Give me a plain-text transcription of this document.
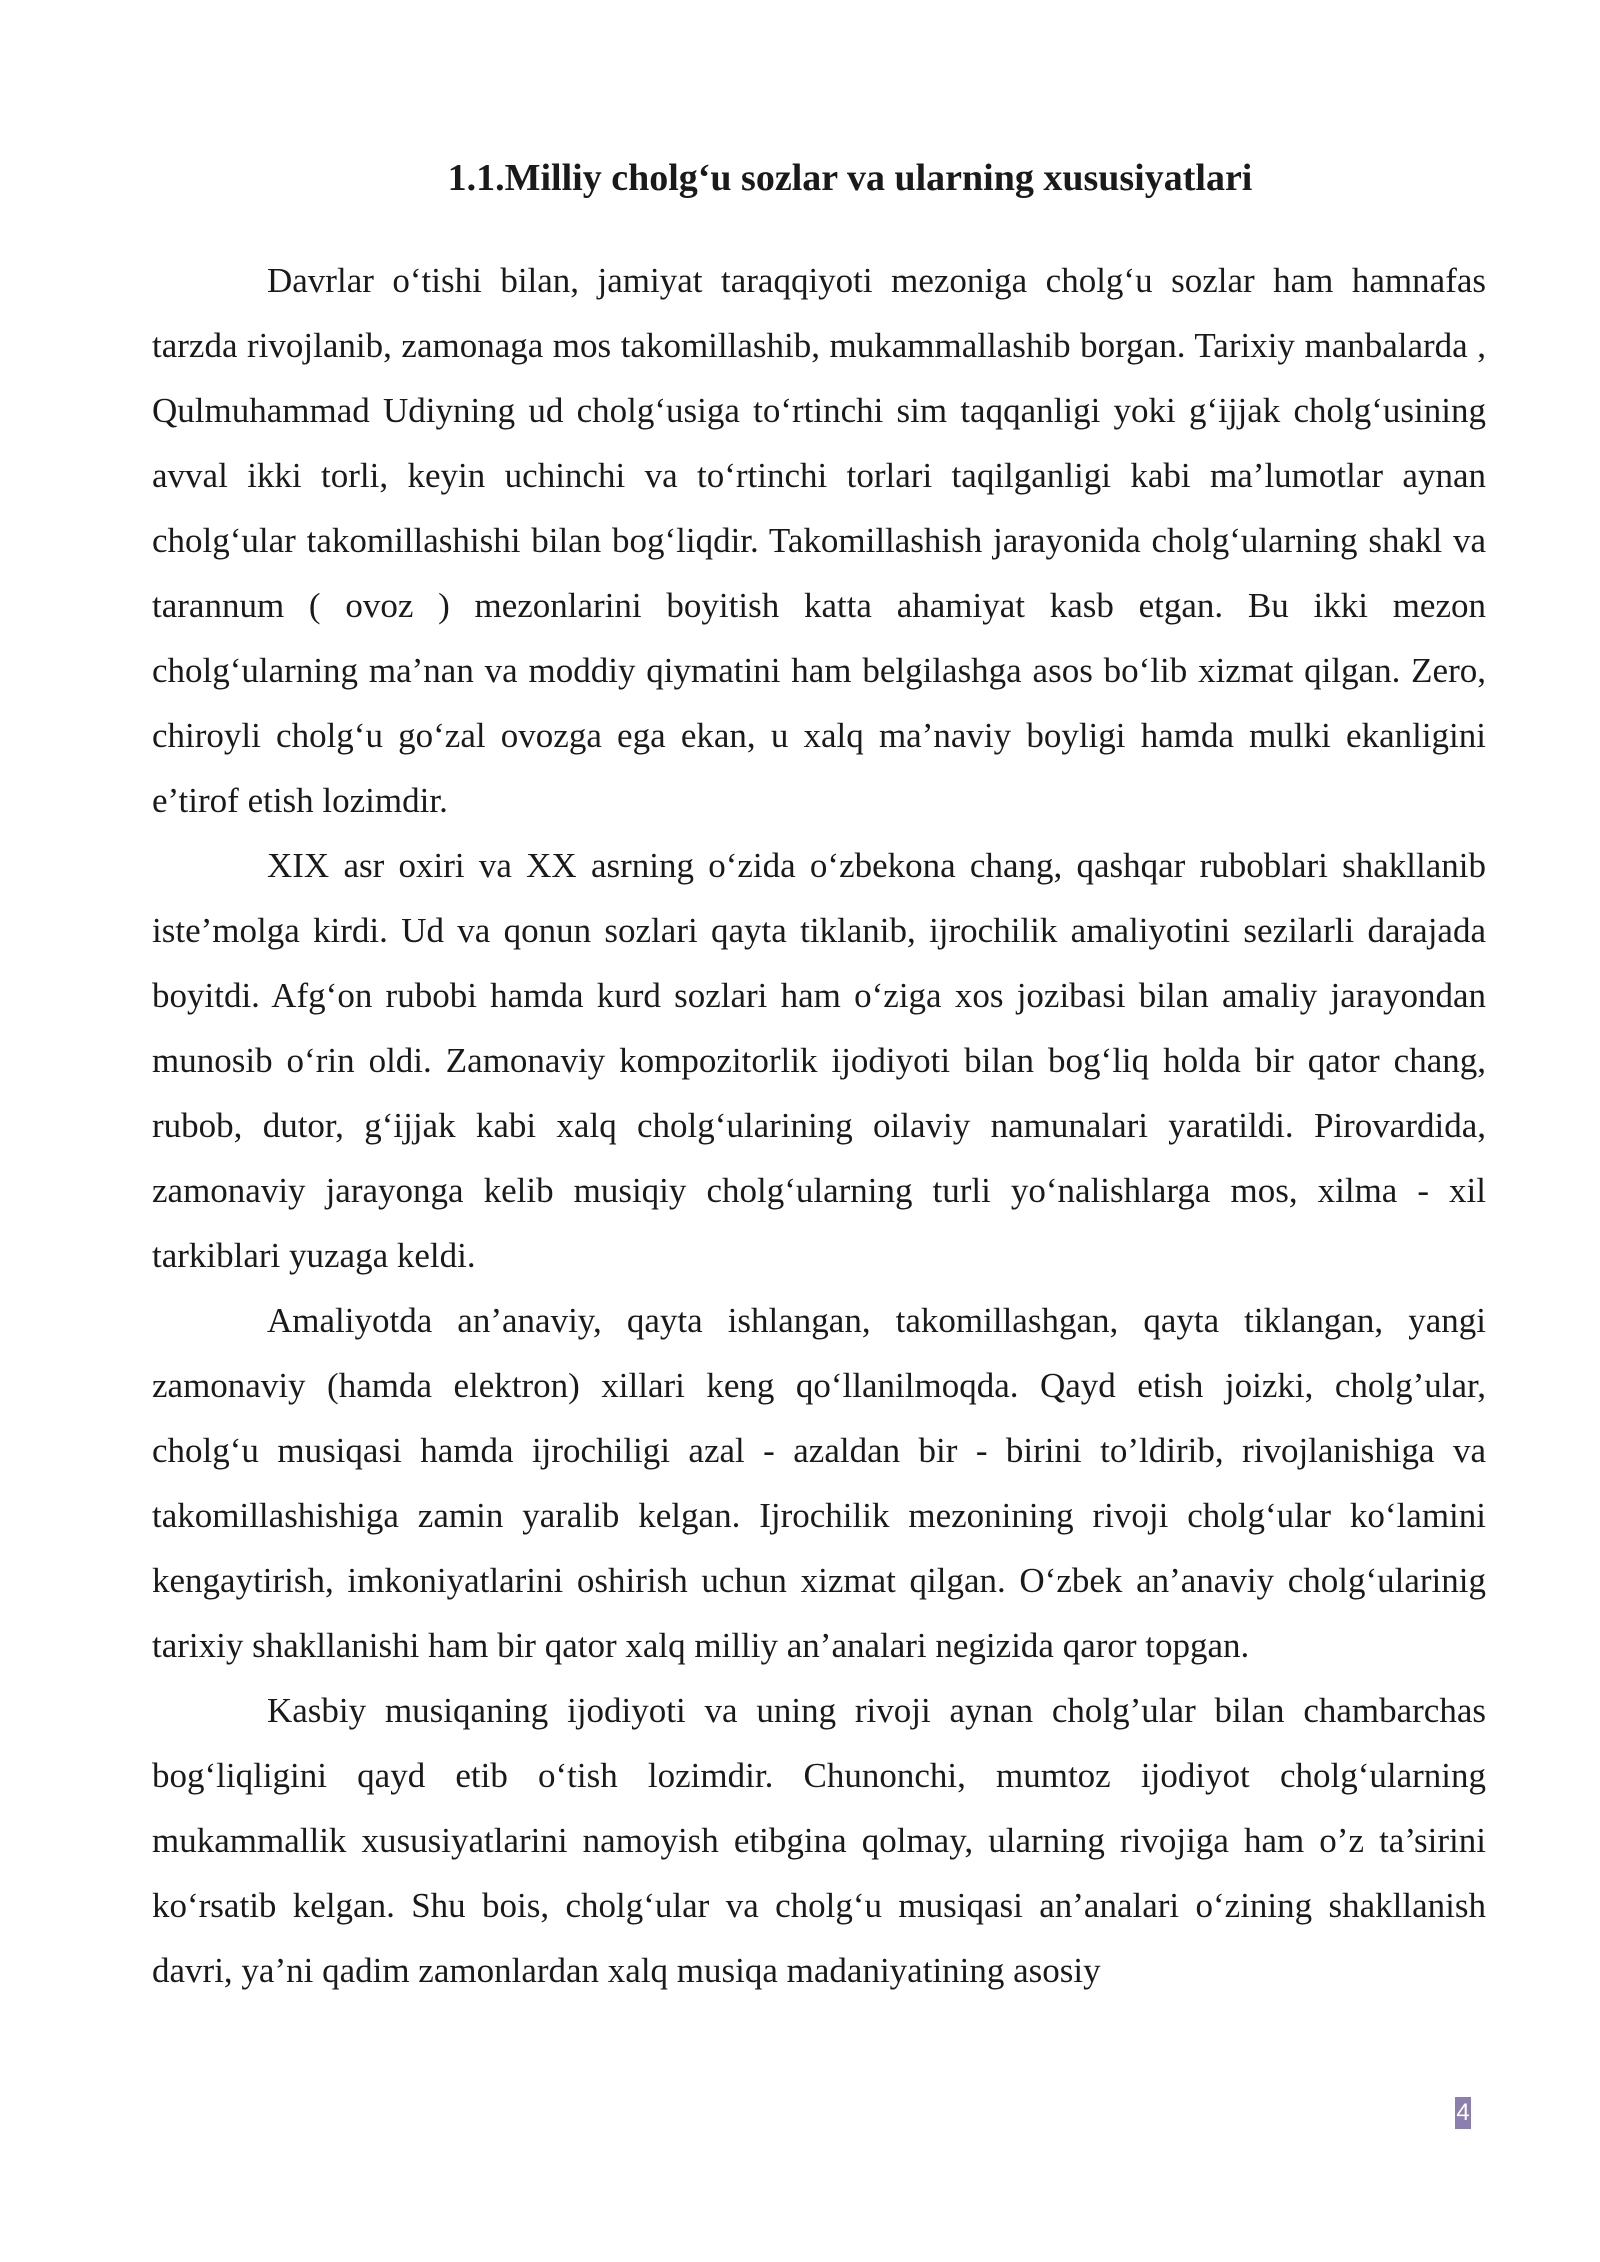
1.1.Milliy cholg‘u sozlar va ularning xususiyatlari

Davrlar o‘tishi bilan, jamiyat taraqqiyoti mezoniga cholg‘u sozlar ham hamnafas tarzda rivojlanib, zamonaga mos takomillashib, mukammallashib borgan. Tarixiy manbalarda , Qulmuhammad Udiyning ud cholg‘usiga to‘rtinchi sim taqqanligi yoki g‘ijjak cholg‘usining avval ikki torli, keyin uchinchi va to‘rtinchi torlari taqilganligi kabi ma’lumotlar aynan cholg‘ular takomillashishi bilan bog‘liqdir. Takomillashish jarayonida cholg‘ularning shakl va tarannum ( ovoz ) mezonlarini boyitish katta ahamiyat kasb etgan. Bu ikki mezon cholg‘ularning ma’nan va moddiy qiymatini ham belgilashga asos bo‘lib xizmat qilgan. Zero, chiroyli cholg‘u go‘zal ovozga ega ekan, u xalq ma’naviy boyligi hamda mulki ekanligini e’tirof etish lozimdir.

XIX asr oxiri va XX asrning o‘zida o‘zbekona chang, qashqar ruboblari shakllanib iste’molga kirdi. Ud va qonun sozlari qayta tiklanib, ijrochilik amaliyotini sezilarli darajada boyitdi. Afg‘on rubobi hamda kurd sozlari ham o‘ziga xos jozibasi bilan amaliy jarayondan munosib o‘rin oldi. Zamonaviy kompozitorlik ijodiyoti bilan bog‘liq holda bir qator chang, rubob, dutor, g‘ijjak kabi xalq cholg‘ularining oilaviy namunalari yaratildi. Pirovardida, zamonaviy jarayonga kelib musiqiy cholg‘ularning turli yo‘nalishlarga mos, xilma - xil tarkiblari yuzaga keldi.

Amaliyotda an’anaviy, qayta ishlangan, takomillashgan, qayta tiklangan, yangi zamonaviy (hamda elektron) xillari keng qo‘llanilmoqda. Qayd etish joizki, cholg’ular, cholg‘u musiqasi hamda ijrochiligi azal - azaldan bir - birini to’ldirib, rivojlanishiga va takomillashishiga zamin yaralib kelgan. Ijrochilik mezonining rivoji cholg‘ular ko‘lamini kengaytirish, imkoniyatlarini oshirish uchun xizmat qilgan. O‘zbek an’anaviy cholg‘ularinig tarixiy shakllanishi ham bir qator xalq milliy an’analari negizida qaror topgan.

Kasbiy musiqaning ijodiyoti va uning rivoji aynan cholg’ular bilan chambarchas bog‘liqligini qayd etib o‘tish lozimdir. Chunonchi, mumtoz ijodiyot cholg‘ularning mukammallik xususiyatlarini namoyish etibgina qolmay, ularning rivojiga ham o’z ta’sirini ko‘rsatib kelgan. Shu bois, cholg‘ular va cholg‘u musiqasi an’analari o‘zining shakllanish davri, ya’ni qadim zamonlardan xalq musiqa madaniyatining asosiy

4
